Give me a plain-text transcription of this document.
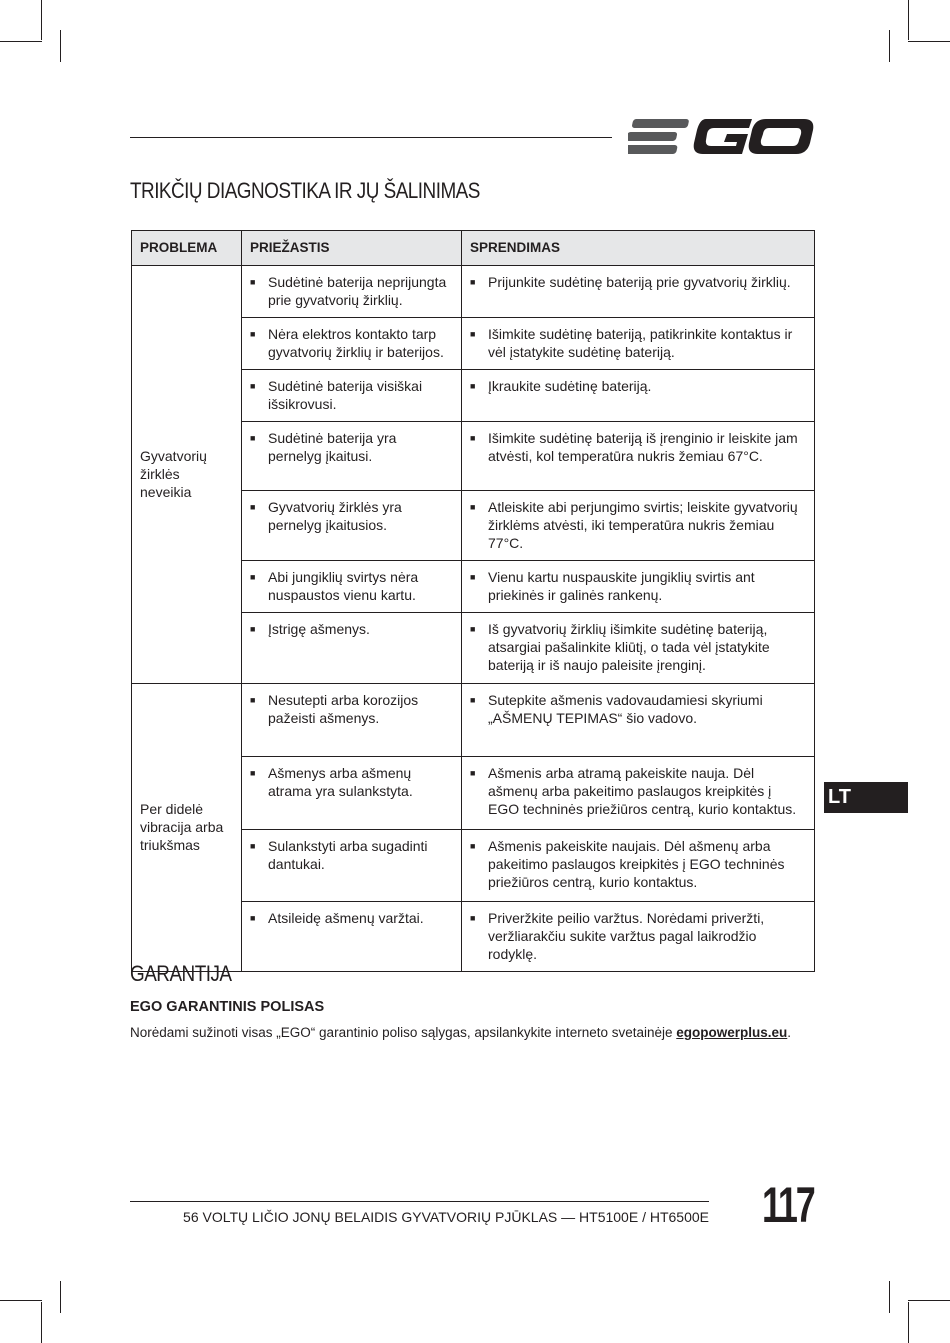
TRIKČIŲ DIAGNOSTIKA IR JŲ ŠALINIMAS
PROBLEMA	PRIEŽASTIS	SPRENDIMAS
Gyvatvorių žirklės neveikia	■ Sudėtinė baterija neprijungta prie gyvatvorių žirklių.	■ Prijunkite sudėtinę bateriją prie gyvatvorių žirklių.

	■ Nėra elektros kontakto tarp gyvatvorių žirklių ir baterijos.	■ Išimkite sudėtinę bateriją, patikrinkite kontaktus ir vėl įstatykite sudėtinę bateriją.

	■ Sudėtinė baterija visiškai išsikrovusi.	■ Įkraukite sudėtinę bateriją.

	■ Sudėtinė baterija yra pernelyg įkaitusi.	■ Išimkite sudėtinę bateriją iš įrenginio ir leiskite jam atvėsti, kol temperatūra nukris žemiau 67°C.

	■ Gyvatvorių žirklės yra pernelyg įkaitusios.	■ Atleiskite abi perjungimo svirtis; leiskite gyvatvorių žirklėms atvėsti, iki temperatūra nukris žemiau 77°C.

	■ Abi jungiklių svirtys nėra nuspaustos vienu kartu.	■ Vienu kartu nuspauskite jungiklių svirtis ant priekinės ir galinės rankenų.

	■ Įstrigę ašmenys.	■ Iš gyvatvorių žirklių išimkite sudėtinę bateriją, atsargiai pašalinkite kliūtį, o tada vėl įstatykite bateriją ir iš naujo paleisite įrenginį.

Per didelė vibracija arba triukšmas	■ Nesutepti arba korozijos pažeisti ašmenys.	■ Sutepkite ašmenis vadovaudamiesi skyriumi „AŠMENŲ TEPIMAS“ šio vadovo.

	■ Ašmenys arba ašmenų atrama yra sulankstyta.	■ Ašmenis arba atramą pakeiskite nauja. Dėl ašmenų arba pakeitimo paslaugos kreipkitės į EGO techninės priežiūros centrą, kurio kontaktus.

	■ Sulankstyti arba sugadinti dantukai.	■ Ašmenis pakeiskite naujais. Dėl ašmenų arba pakeitimo paslaugos kreipkitės į EGO techninės priežiūros centrą, kurio kontaktus.

	■ Atsileidę ašmenų varžtai.	■ Priveržkite peilio varžtus. Norėdami priveržti, veržliarakčiu sukite varžtus pagal laikrodžio rodyklę.
LT
GARANTIJA
EGO GARANTINIS POLISAS
Norėdami sužinoti visas „EGO“ garantinio poliso sąlygas, apsilankykite interneto svetainėje egopowerplus.eu.
56 VOLTŲ LIČIO JONŲ BELAIDIS GYVATVORIŲ PJŪKLAS — HT5100E / HT6500E 117
